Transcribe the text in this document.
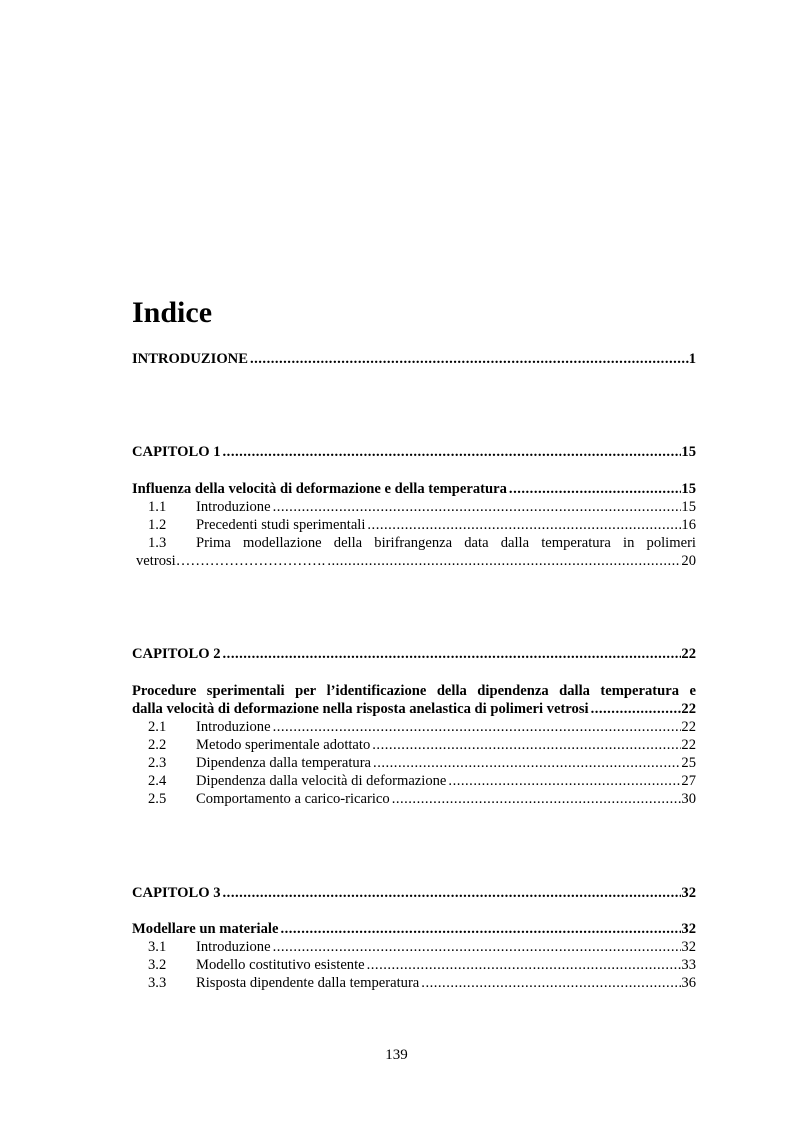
Indice
INTRODUZIONE .....	1
CAPITOLO 1 .....	15
Influenza della velocità di deformazione e della temperatura .....	15
1.1	Introduzione .....	15
1.2	Precedenti studi sperimentali .....	16
1.3	Prima modellazione della birifrangenza data dalla temperatura in polimeri
vetrosi…………………………. .....	20
CAPITOLO 2 .....	22
Procedure sperimentali per l’identificazione della dipendenza dalla temperatura e
dalla velocità di deformazione nella risposta anelastica di polimeri vetrosi .....	22
2.1	Introduzione .....	22
2.2	Metodo sperimentale adottato .....	22
2.3	Dipendenza dalla temperatura .....	25
2.4	Dipendenza dalla velocità di deformazione .....	27
2.5	Comportamento a carico-ricarico .....	30
CAPITOLO 3 .....	32
Modellare un materiale .....	32
3.1	Introduzione .....	32
3.2	Modello costitutivo esistente .....	33
3.3	Risposta dipendente dalla temperatura .....	36
139
